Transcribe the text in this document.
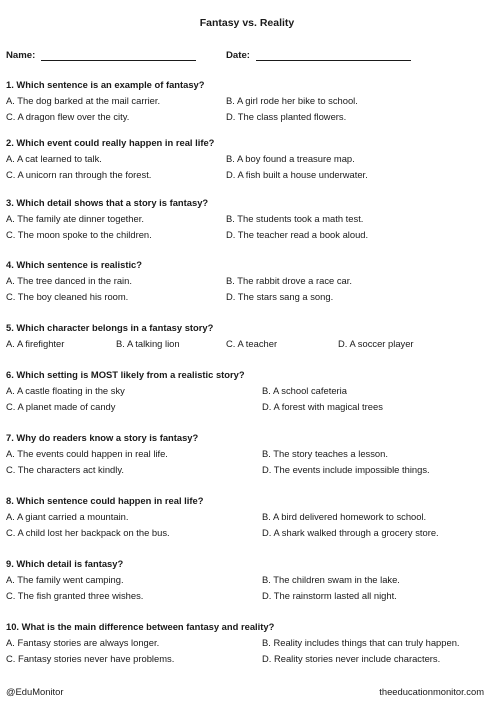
Fantasy vs. Reality
Name:	Date:
1. Which sentence is an example of fantasy?
A. The dog barked at the mail carrier.	B. A girl rode her bike to school.
C. A dragon flew over the city.	D. The class planted flowers.
2. Which event could really happen in real life?
A. A cat learned to talk.	B. A boy found a treasure map.
C. A unicorn ran through the forest.	D. A fish built a house underwater.
3. Which detail shows that a story is fantasy?
A. The family ate dinner together.	B. The students took a math test.
C. The moon spoke to the children.	D. The teacher read a book aloud.
4. Which sentence is realistic?
A. The tree danced in the rain.	B. The rabbit drove a race car.
C. The boy cleaned his room.	D. The stars sang a song.
5. Which character belongs in a fantasy story?
A. A firefighter	B. A talking lion	C. A teacher	D. A soccer player
6. Which setting is MOST likely from a realistic story?
A. A castle floating in the sky	B. A school cafeteria
C. A planet made of candy	D. A forest with magical trees
7. Why do readers know a story is fantasy?
A. The events could happen in real life.	B. The story teaches a lesson.
C. The characters act kindly.	D. The events include impossible things.
8. Which sentence could happen in real life?
A. A giant carried a mountain.	B. A bird delivered homework to school.
C. A child lost her backpack on the bus.	D. A shark walked through a grocery store.
9. Which detail is fantasy?
A. The family went camping.	B. The children swam in the lake.
C. The fish granted three wishes.	D. The rainstorm lasted all night.
10. What is the main difference between fantasy and reality?
A. Fantasy stories are always longer.	B. Reality includes things that can truly happen.
C. Fantasy stories never have problems.	D. Reality stories never include characters.
@EduMonitor	theeducationmonitor.com
